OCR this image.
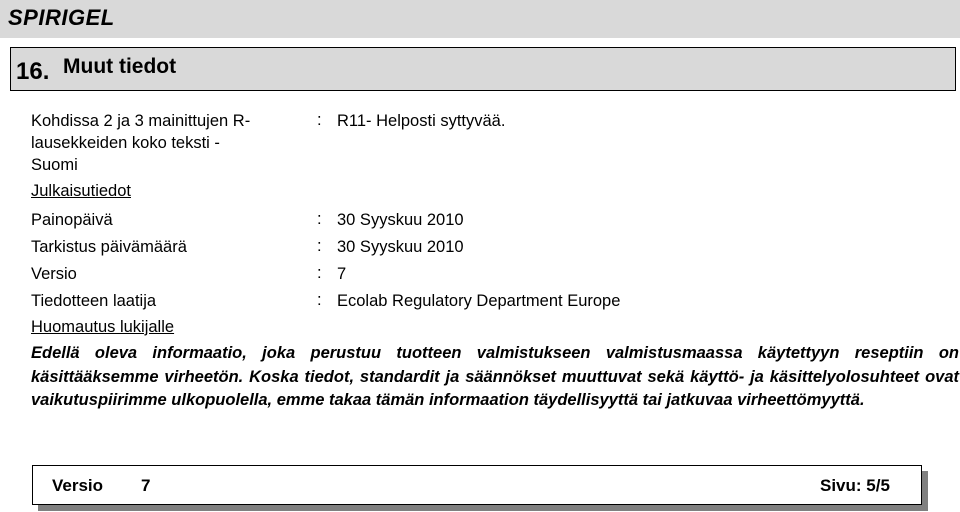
SPIRIGEL
16. Muut tiedot
Kohdissa 2 ja 3 mainittujen R-
lausekkeiden koko teksti -
Suomi
: R11- Helposti syttyvää.
Julkaisutiedot
Painopäivä	: 30 Syyskuu 2010
Tarkistus päivämäärä	: 30 Syyskuu 2010
Versio	: 7
Tiedotteen laatija	: Ecolab Regulatory Department Europe
Huomautus lukijalle
Edellä oleva informaatio, joka perustuu tuotteen valmistukseen valmistusmaassa käytettyyn reseptiin on käsittääksemme virheetön. Koska tiedot, standardit ja säännökset muuttuvat sekä käyttö- ja käsittelyolosuhteet ovat vaikutuspiirimme ulkopuolella, emme takaa tämän informaation täydellisyyttä tai jatkuvaa virheettömyyttä.
Versio 7	Sivu: 5/5
